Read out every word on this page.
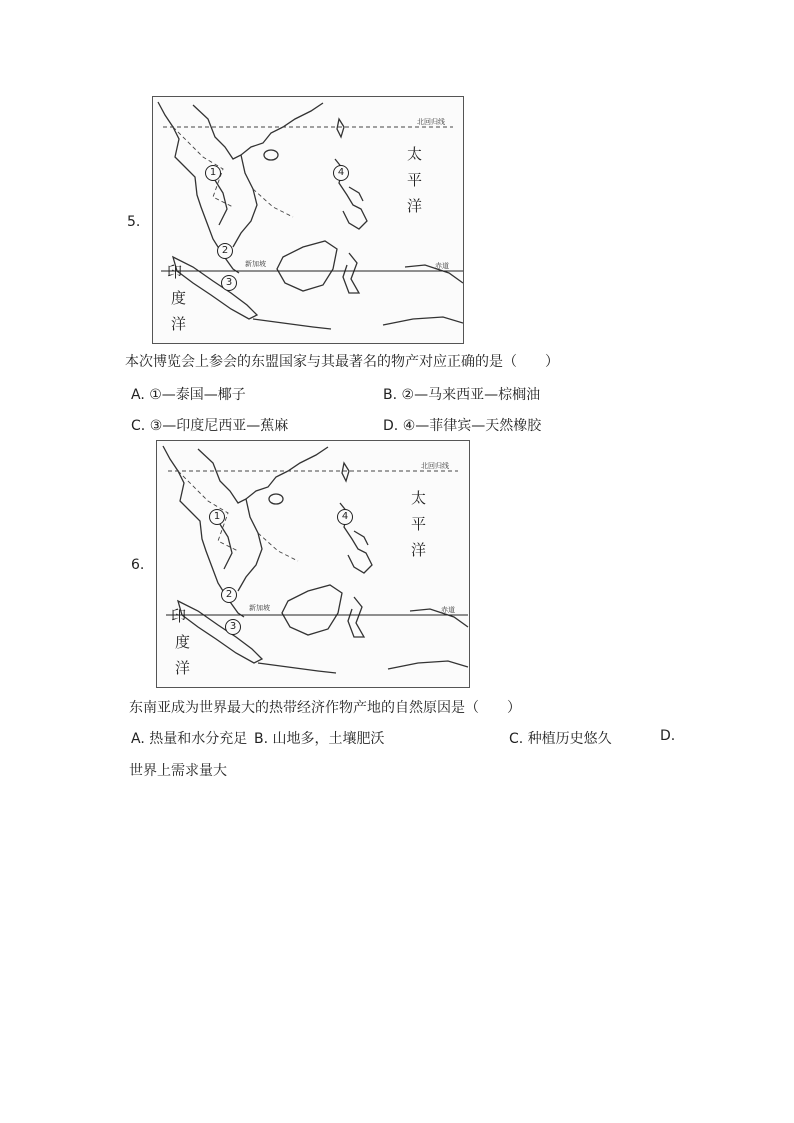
5.
北回归线
赤道
新加坡
太
平
洋
印
度
洋
1
2
3
4
本次博览会上参会的东盟国家与其最著名的物产对应正确的是（　　）
A. ①—泰国—椰子	B. ②—马来西亚—棕榈油
C. ③—印度尼西亚—蕉麻	D. ④—菲律宾—天然橡胶
6.
北回归线
赤道
新加坡
太
平
洋
印
度
洋
1
2
3
4
东南亚成为世界最大的热带经济作物产地的自然原因是（　　）
A. 热量和水分充足 B. 山地多，土壤肥沃	C. 种植历史悠久	D.
世界上需求量大
